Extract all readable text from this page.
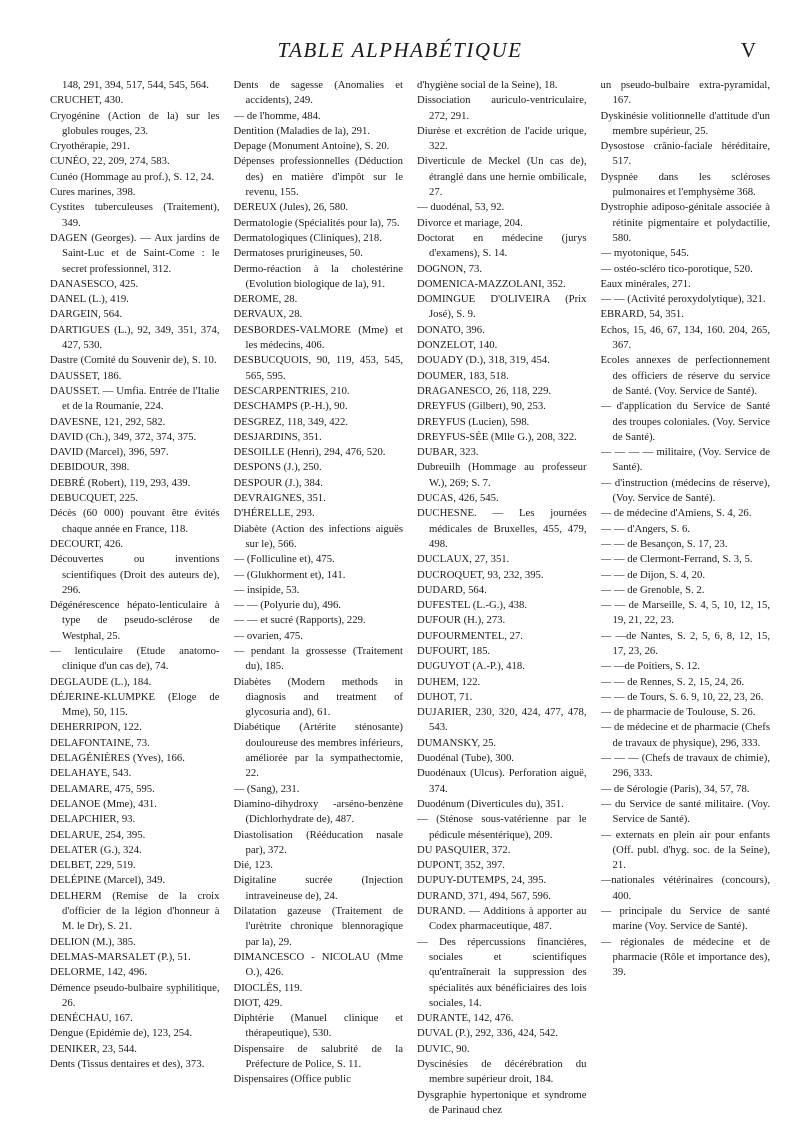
TABLE ALPHABÉTIQUE	V

148, 291, 394, 517, 544, 545, 564.

CRUCHET, 430.

Cryogénine (Action de la) sur les globules rouges, 23.

Cryothérapie, 291.

CUNÉO, 22, 209, 274, 583.

Cunéo (Hommage au prof.), S. 12, 24.

Cures marines, 398.

Cystites tuberculeuses (Traitement), 349.

DAGEN (Georges). — Aux jardins de Saint-Luc et de Saint-Come : le secret professionnel, 312.

DANASESCO, 425.

DANEL (L.), 419.

DARGEIN, 564.

DARTIGUES (L.), 92, 349, 351, 374, 427, 530.

Dastre (Comité du Souvenir de), S. 10.

DAUSSET, 186.

DAUSSET. — Umfia. Entrée de l'Italie et de la Roumanie, 224.

DAVESNE, 121, 292, 582.

DAVID (Ch.), 349, 372, 374, 375.

DAVID (Marcel), 396, 597.

DEBIDOUR, 398.

DEBRÉ (Robert), 119, 293, 439.

DEBUCQUET, 225.

Décès (60 000) pouvant être évités chaque année en France, 118.

DECOURT, 426.

Découvertes ou inventions scientifiques (Droit des auteurs de), 296.

Dégénérescence hépato-lenticulaire à type de pseudo-sclérose de Westphal, 25.

— lenticulaire (Etude anatomo-clinique d'un cas de), 74.

DEGLAUDE (L.), 184.

DÉJERINE-KLUMPKE (Eloge de Mme), 50, 115.

DEHERRIPON, 122.

DELAFONTAINE, 73.

DELAGÉNIÈRES (Yves), 166.

DELAHAYE, 543.

DELAMARE, 475, 595.

DELANOE (Mme), 431.

DELAPCHIER, 93.

DELARUE, 254, 395.

DELATER (G.), 324.

DELBET, 229, 519.

DELÉPINE (Marcel), 349.

DELHERM (Remise de la croix d'officier de la légion d'honneur à M. le Dr), S. 21.

DELION (M.), 385.

DELMAS-MARSALET (P.), 51.

DELORME, 142, 496.

Démence pseudo-bulbaire syphilitique, 26.

DENÉCHAU, 167.

Dengue (Epidémie de), 123, 254.

DENIKER, 23, 544.

Dents (Tissus dentaires et des), 373.

Dents de sagesse (Anomalies et accidents), 249.

— de l'homme, 484.

Dentition (Maladies de la), 291.

Depage (Monument Antoine), S. 20.

Dépenses professionnelles (Déduction des) en matière d'impôt sur le revenu, 155.

DEREUX (Jules), 26, 580.

Dermatologie (Spécialités pour la), 75.

Dermatologiques (Cliniques), 218.

Dermatoses prurigineuses, 50.

Dermo-réaction à la cholestérine (Evolution biologique de la), 91.

DEROME, 28.

DERVAUX, 28.

DESBORDES-VALMORE (Mme) et les médecins, 406.

DESBUCQUOIS, 90, 119, 453, 545, 565, 595.

DESCARPENTRIES, 210.

DESCHAMPS (P.-H.), 90.

DESGREZ, 118, 349, 422.

DESJARDINS, 351.

DESOILLE (Henri), 294, 476, 520.

DESPONS (J.), 250.

DESPOUR (J.), 384.

DEVRAIGNES, 351.

D'HÉRELLE, 293.

Diabète (Action des infections aiguës sur le), 566.

— (Folliculine et), 475.

— (Glukhorment et), 141.

— insipide, 53.

— — (Polyurie du), 496.

— — et sucré (Rapports), 229.

— ovarien, 475.

— pendant la grossesse (Traitement du), 185.

Diabètes (Modern methods in diagnosis and treatment of glycosuria and), 61.

Diabétique (Artérite sténosante) douloureuse des membres inférieurs, améliorée par la sympathectomie, 22.

— (Sang), 231.

Diamino-dihydroxy -arséno-benzène (Dichlorhydrate de), 487.

Diastolisation (Rééducation nasale par), 372.

Dié, 123.

Digitaline sucrée (Injection intraveineuse de), 24.

Dilatation gazeuse (Traitement de l'urètrite chronique blennoragique par la), 29.

DIMANCESCO - NICOLAU (Mme O.), 426.

DIOCLÈS, 119.

DIOT, 429.

Diphtérie (Manuel clinique et thérapeutique), 530.

Dispensaire de salubrité de la Préfecture de Police, S. 11.

Dispensaires (Office public

d'hygiène social de la Seine), 18.

Dissociation auriculo-ventriculaire, 272, 291.

Diurèse et excrétion de l'acide urique, 322.

Diverticule de Meckel (Un cas de), étranglé dans une hernie ombilicale, 27.

— duodénal, 53, 92.

Divorce et mariage, 204.

Doctorat en médecine (jurys d'examens), S. 14.

DOGNON, 73.

DOMENICA-MAZZOLANI, 352.

DOMINGUE D'OLIVEIRA (Prix José), S. 9.

DONATO, 396.

DONZELOT, 140.

DOUADY (D.), 318, 319, 454.

DOUMER, 183, 518.

DRAGANESCO, 26, 118, 229.

DREYFUS (Gilbert), 90, 253.

DREYFUS (Lucien), 598.

DREYFUS-SÉE (Mlle G.), 208, 322.

DUBAR, 323.

Dubreuilh (Hommage au professeur W.), 269; S. 7.

DUCAS, 426, 545.

DUCHESNE. — Les journées médicales de Bruxelles, 455, 479, 498.

DUCLAUX, 27, 351.

DUCROQUET, 93, 232, 395.

DUDARD, 564.

DUFESTEL (L.-G.), 438.

DUFOUR (H.), 273.

DUFOURMENTEL, 27.

DUFOURT, 185.

DUGUYOT (A.-P.), 418.

DUHEM, 122.

DUHOT, 71.

DUJARIER, 230, 320, 424, 477, 478, 543.

DUMANSKY, 25.

Duodénal (Tube), 300.

Duodénaux (Ulcus). Perforation aiguë, 374.

Duodénum (Diverticules du), 351.

— (Sténose sous-vatérienne par le pédicule mésentérique), 209.

DU PASQUIER, 372.

DUPONT, 352, 397.

DUPUY-DUTEMPS, 24, 395.

DURAND, 371, 494, 567, 596.

DURAND. — Additions à apporter au Codex pharmaceutique, 487.

— Des répercussions financières, sociales et scientifiques qu'entraînerait la suppression des spécialités aux bénéficiaires des lois sociales, 14.

DURANTE, 142, 476.

DUVAL (P.), 292, 336, 424, 542.

DUVIC, 90.

Dyscinésies de décérébration du membre supérieur droit, 184.

Dysgraphie hypertonique et syndrome de Parinaud chez

un pseudo-bulbaire extra-pyramidal, 167.

Dyskinésie volitionnelle d'attitude d'un membre supérieur, 25.

Dysostose crânio-faciale héréditaire, 517.

Dyspnée dans les scléroses pulmonaires et l'emphysème 368.

Dystrophie adiposo-génitale associée à rétinite pigmentaire et polydactilie, 580.

— myotonique, 545.

— ostéo-scléro tico-porotique, 520.

Eaux minérales, 271.

— — (Activité peroxydolytique), 321.

EBRARD, 54, 351.

Echos, 15, 46, 67, 134, 160. 204, 265, 367.

Ecoles annexes de perfectionnement des officiers de réserve du service de Santé. (Voy. Service de Santé).

— d'application du Service de Santé des troupes coloniales. (Voy. Service de Santé).

— — — — militaire, (Voy. Service de Santé).

— d'instruction (médecins de réserve), (Voy. Service de Santé).

— de médecine d'Amiens, S. 4, 26.

— — d'Angers, S. 6.

— — de Besançon, S. 17, 23.

— — de Clermont-Ferrand, S. 3, 5.

— — de Dijon, S. 4, 20.

— — de Grenoble, S. 2.

— — de Marseille, S. 4, 5, 10, 12, 15, 19, 21, 22, 23.

— —de Nantes, S. 2, 5, 6, 8, 12, 15, 17, 23, 26.

— —de Poitiers, S. 12.

— — de Rennes, S. 2, 15, 24, 26.

— — de Tours, S. 6. 9, 10, 22, 23, 26.

— de pharmacie de Toulouse, S. 26.

— de médecine et de pharmacie (Chefs de travaux de physique), 296, 333.

— — — (Chefs de travaux de chimie), 296, 333.

— de Sérologie (Paris), 34, 57, 78.

— du Service de santé militaire. (Voy. Service de Santé).

— externats en plein air pour enfants (Off. publ. d'hyg. soc. de la Seine), 21.

—nationales vétérinaires (concours), 400.

— principale du Service de santé marine (Voy. Service de Santé).

— régionales de médecine et de pharmacie (Rôle et importance des), 39.
